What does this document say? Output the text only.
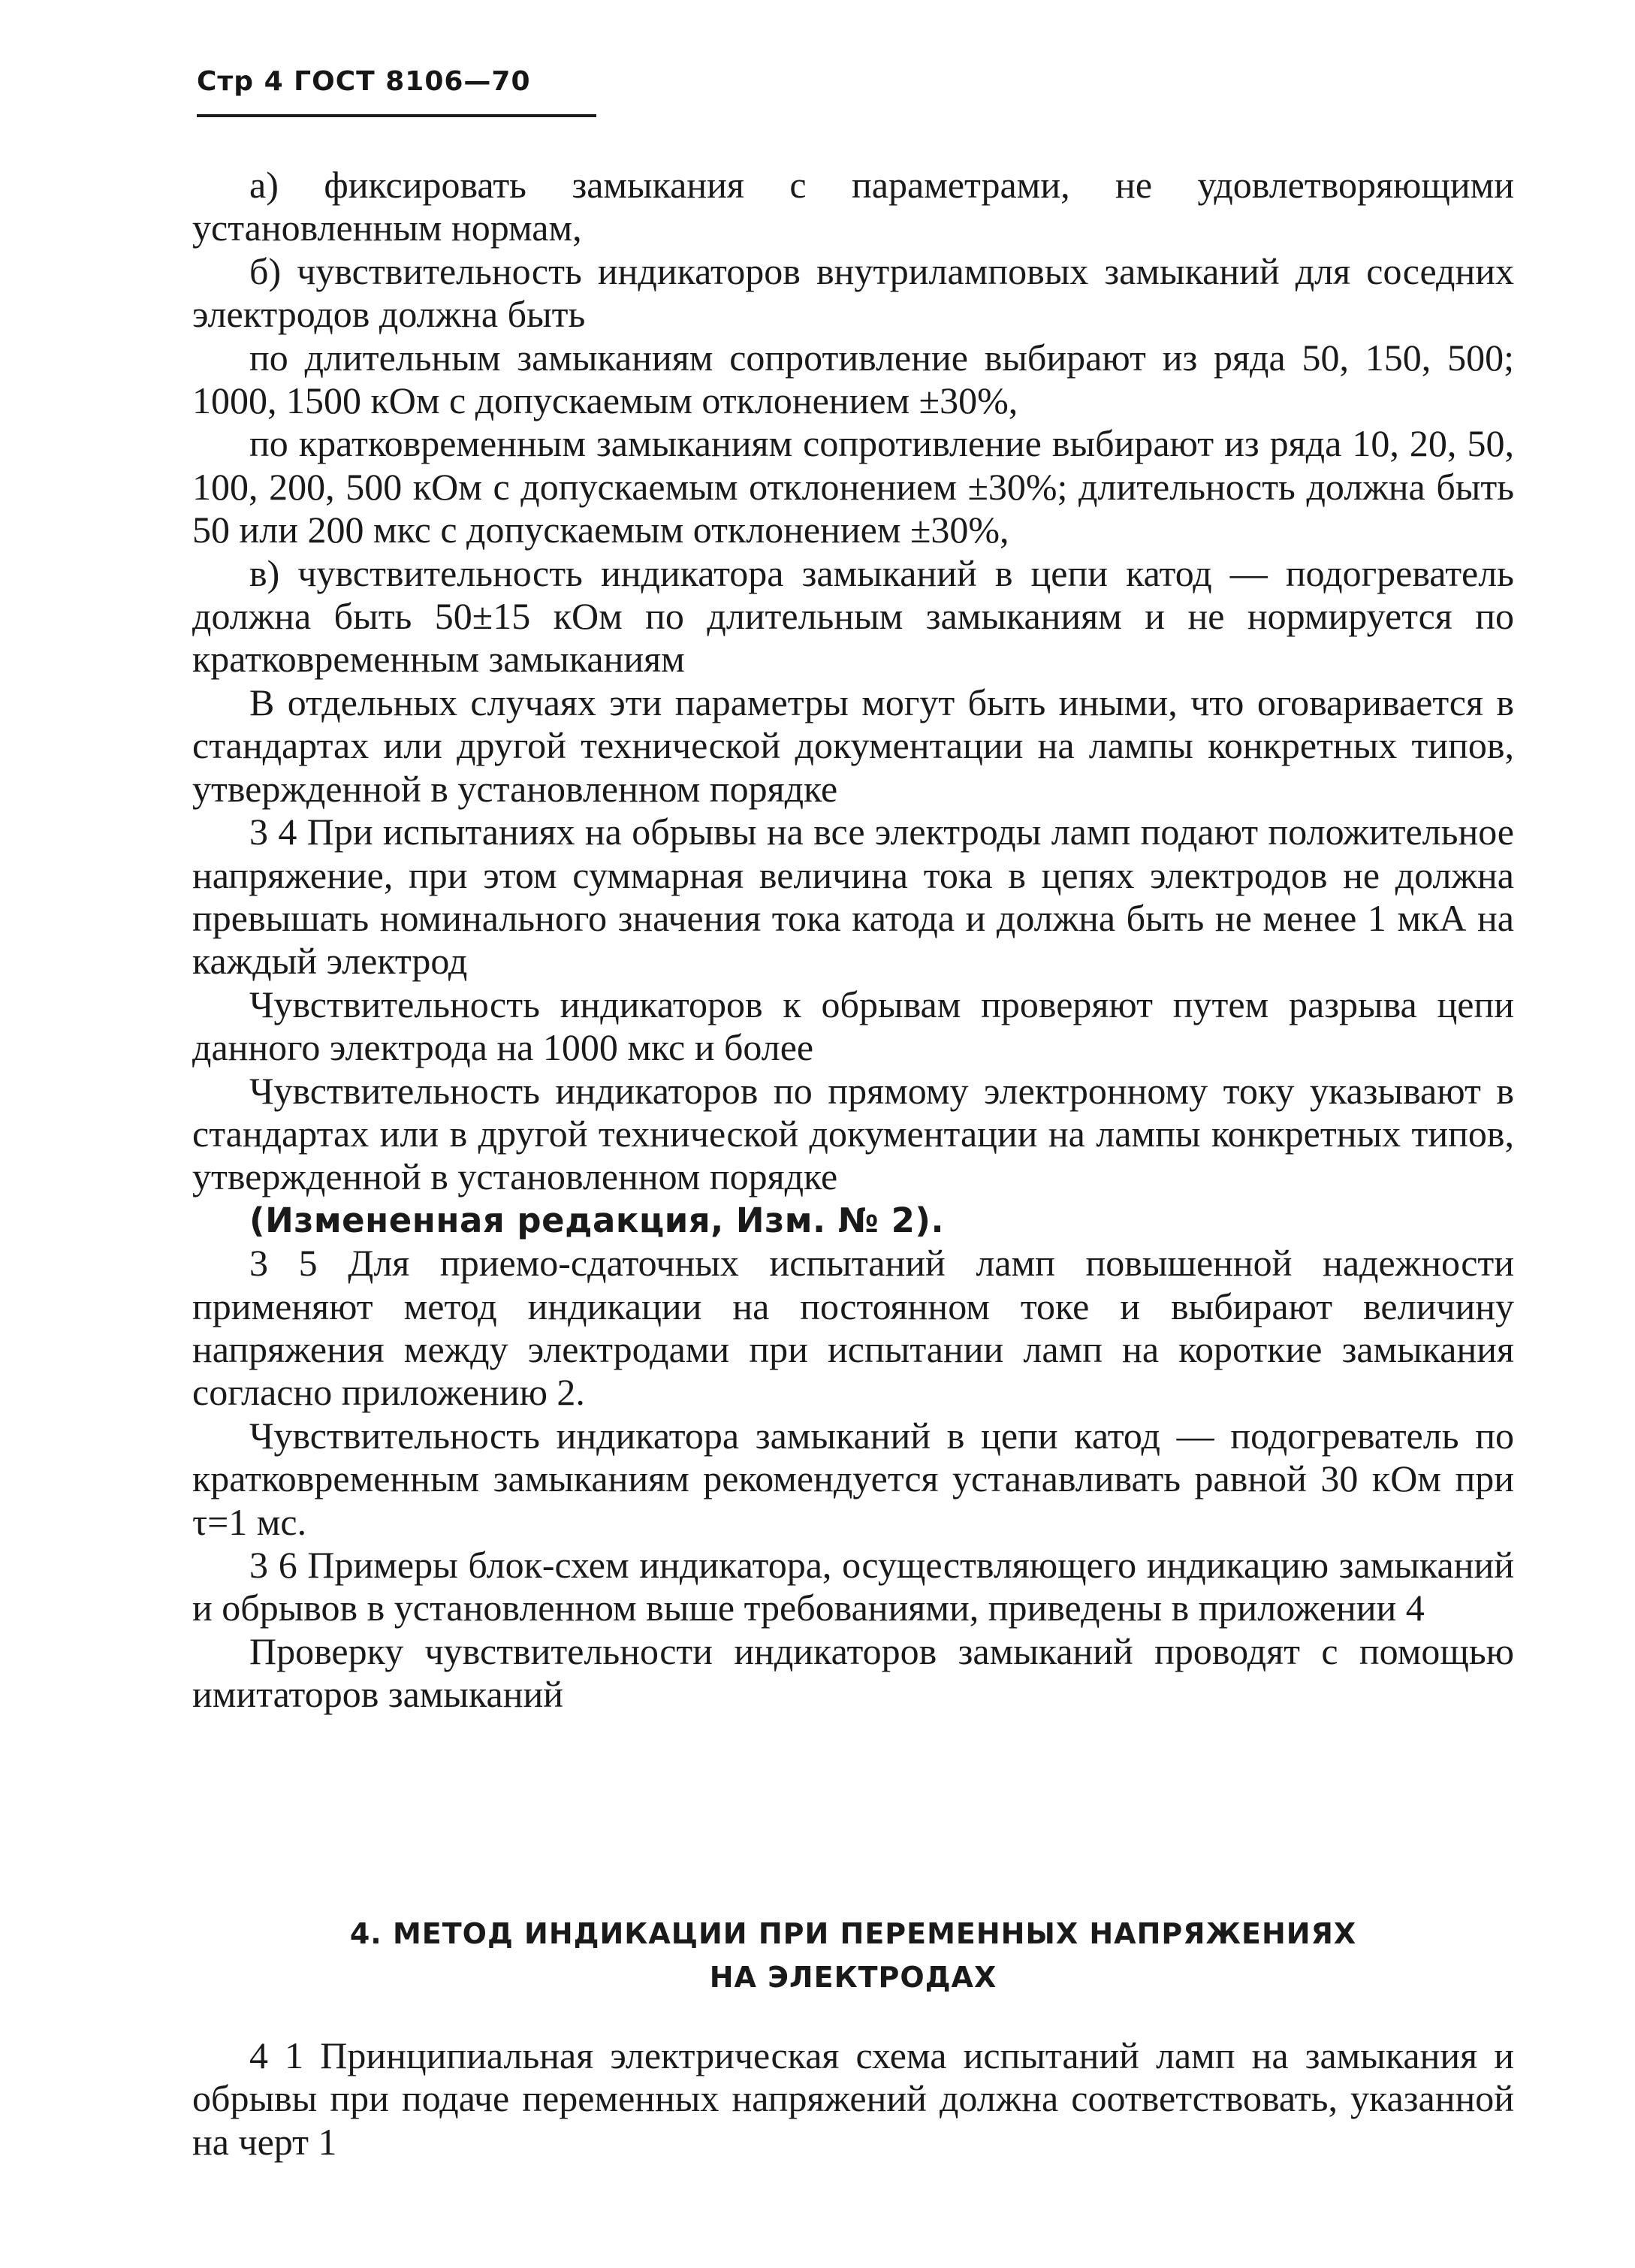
Стр 4 ГОСТ 8106—70

а) фиксировать замыкания с параметрами, не удовлетворяющими установленным нормам,

б) чувствительность индикаторов внутриламповых замыканий для соседних электродов должна быть

по длительным замыканиям сопротивление выбирают из ряда 50, 150, 500; 1000, 1500 кОм с допускаемым отклонением ±30%,

по кратковременным замыканиям сопротивление выбирают из ряда 10, 20, 50, 100, 200, 500 кОм с допускаемым отклонением ±30%; длительность должна быть 50 или 200 мкс с допускаемым отклонением ±30%,

в) чувствительность индикатора замыканий в цепи катод — подогреватель должна быть 50±15 кОм по длительным замыканиям и не нормируется по кратковременным замыканиям

В отдельных случаях эти параметры могут быть иными, что оговаривается в стандартах или другой технической документации на лампы конкретных типов, утвержденной в установленном порядке

3 4 При испытаниях на обрывы на все электроды ламп подают положительное напряжение, при этом суммарная величина тока в цепях электродов не должна превышать номинального значения тока катода и должна быть не менее 1 мкА на каждый электрод

Чувствительность индикаторов к обрывам проверяют путем разрыва цепи данного электрода на 1000 мкс и более

Чувствительность индикаторов по прямому электронному току указывают в стандартах или в другой технической документации на лампы конкретных типов, утвержденной в установленном порядке

(Измененная редакция, Изм. № 2).

3 5 Для приемо-сдаточных испытаний ламп повышенной надежности применяют метод индикации на постоянном токе и выбирают величину напряжения между электродами при испытании ламп на короткие замыкания согласно приложению 2.

Чувствительность индикатора замыканий в цепи катод — подогреватель по кратковременным замыканиям рекомендуется устанавливать равной 30 кОм при τ=1 мс.

3 6 Примеры блок-схем индикатора, осуществляющего индикацию замыканий и обрывов в установленном выше требованиями, приведены в приложении 4

Проверку чувствительности индикаторов замыканий проводят с помощью имитаторов замыканий

4. МЕТОД ИНДИКАЦИИ ПРИ ПЕРЕМЕННЫХ НАПРЯЖЕНИЯХ
НА ЭЛЕКТРОДАХ

4 1 Принципиальная электрическая схема испытаний ламп на замыкания и обрывы при подаче переменных напряжений должна соответствовать, указанной на черт 1
